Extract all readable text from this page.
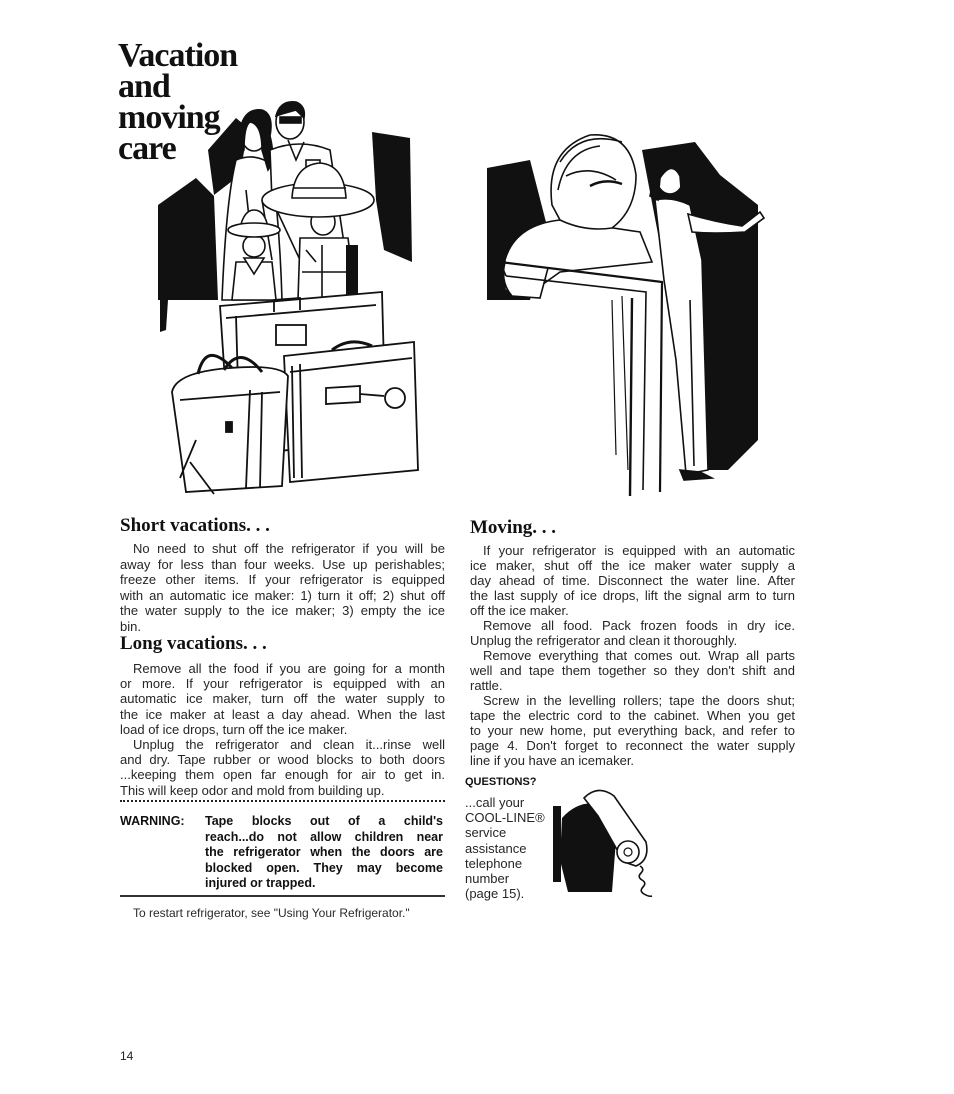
Vacation
and
moving
care
Short vacations. . .
No need to shut off the refrigerator if you will be
away for less than four weeks. Use up perishables;
freeze other items. If your refrigerator is equipped
with an automatic ice maker: 1) turn it off; 2) shut off
the water supply to the ice maker; 3) empty the ice
bin.
Long vacations. . .
Remove all the food if you are going for a month
or more. If your refrigerator is equipped with an
automatic ice maker, turn off the water supply to
the ice maker at least a day ahead. When the last
load of ice drops, turn off the ice maker.
Unplug the refrigerator and clean it...rinse well
and dry. Tape rubber or wood blocks to both doors
...keeping them open far enough for air to get in.
This will keep odor and mold from building up.
WARNING: Tape blocks out of a child's
reach...do not allow children near
the refrigerator when the doors are
blocked open. They may become
injured or trapped.
To restart refrigerator, see "Using Your Refrigerator."
Moving. . .
If your refrigerator is equipped with an automatic
ice maker, shut off the ice maker water supply a
day ahead of time. Disconnect the water line. After
the last supply of ice drops, lift the signal arm to turn
off the ice maker.
Remove all food. Pack frozen foods in dry ice.
Unplug the refrigerator and clean it thoroughly.
Remove everything that comes out. Wrap all parts
well and tape them together so they don't shift and
rattle.
Screw in the levelling rollers; tape the doors shut;
tape the electric cord to the cabinet. When you get
to your new home, put everything back, and refer to
page 4. Don't forget to reconnect the water supply
line if you have an icemaker.
QUESTIONS?
...call your
COOL-LINE®
service
assistance
telephone
number
(page 15).
14
